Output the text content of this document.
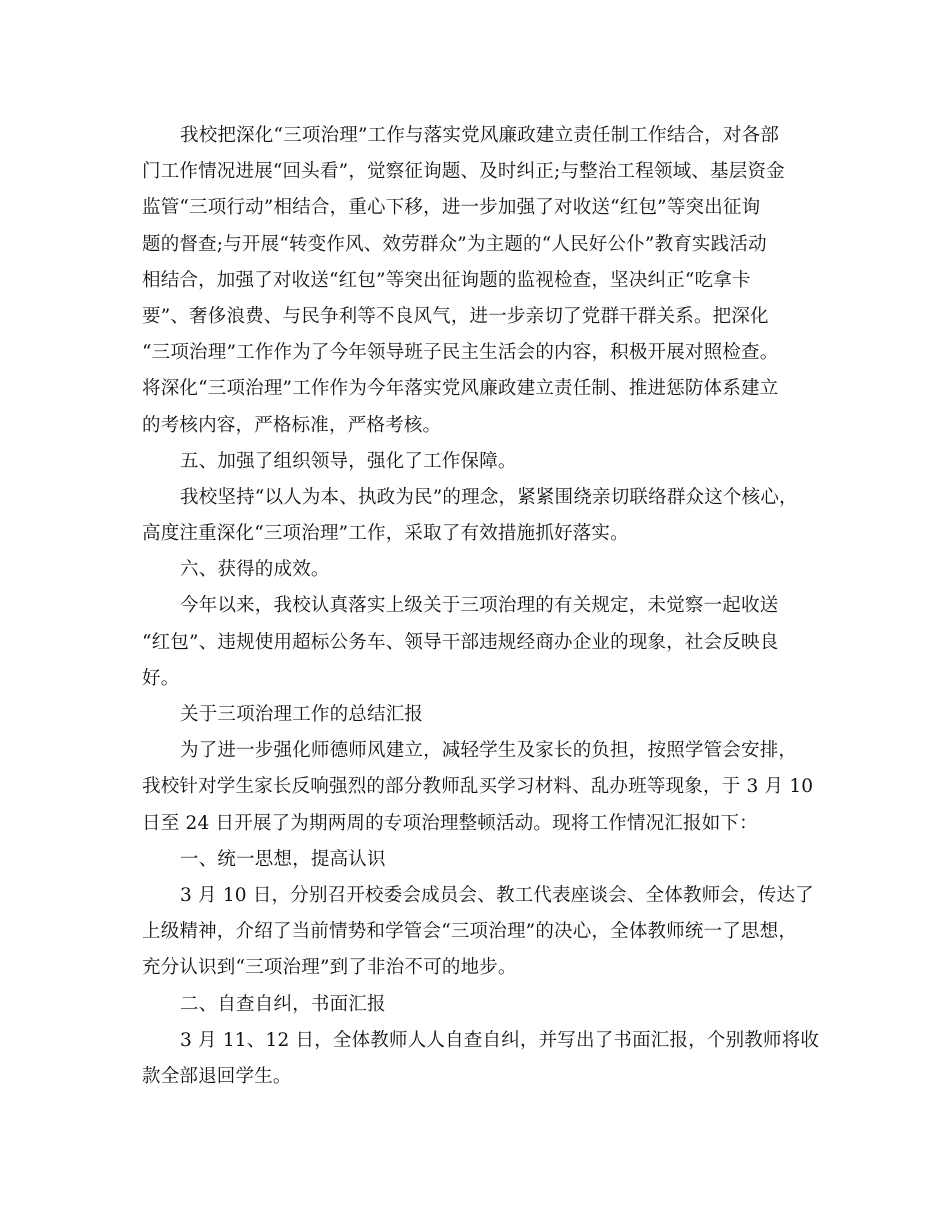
我校把深化“三项治理”工作与落实党风廉政建立责任制工作结合，对各部
门工作情况进展“回头看”，觉察征询题、及时纠正;与整治工程领域、基层资金
监管“三项行动”相结合，重心下移，进一步加强了对收送“红包”等突出征询
题的督查;与开展“转变作风、效劳群众”为主题的“人民好公仆”教育实践活动
相结合，加强了对收送“红包”等突出征询题的监视检查，坚决纠正“吃拿卡
要”、奢侈浪费、与民争利等不良风气，进一步亲切了党群干群关系。把深化
“三项治理”工作作为了今年领导班子民主生活会的内容，积极开展对照检查。
将深化“三项治理”工作作为今年落实党风廉政建立责任制、推进惩防体系建立
的考核内容，严格标准，严格考核。
五、加强了组织领导，强化了工作保障。
我校坚持“以人为本、执政为民”的理念，紧紧围绕亲切联络群众这个核心，
高度注重深化“三项治理”工作，采取了有效措施抓好落实。
六、获得的成效。
今年以来，我校认真落实上级关于三项治理的有关规定，未觉察一起收送
“红包”、违规使用超标公务车、领导干部违规经商办企业的现象，社会反映良
好。
关于三项治理工作的总结汇报
为了进一步强化师德师风建立，减轻学生及家长的负担，按照学管会安排，
我校针对学生家长反响强烈的部分教师乱买学习材料、乱办班等现象，于 3 月 10
日至 24 日开展了为期两周的专项治理整顿活动。现将工作情况汇报如下：
一、统一思想，提高认识
3 月 10 日，分别召开校委会成员会、教工代表座谈会、全体教师会，传达了
上级精神，介绍了当前情势和学管会“三项治理”的决心，全体教师统一了思想，
充分认识到“三项治理”到了非治不可的地步。
二、自查自纠，书面汇报
3 月 11、12 日，全体教师人人自查自纠，并写出了书面汇报，个别教师将收
款全部退回学生。
